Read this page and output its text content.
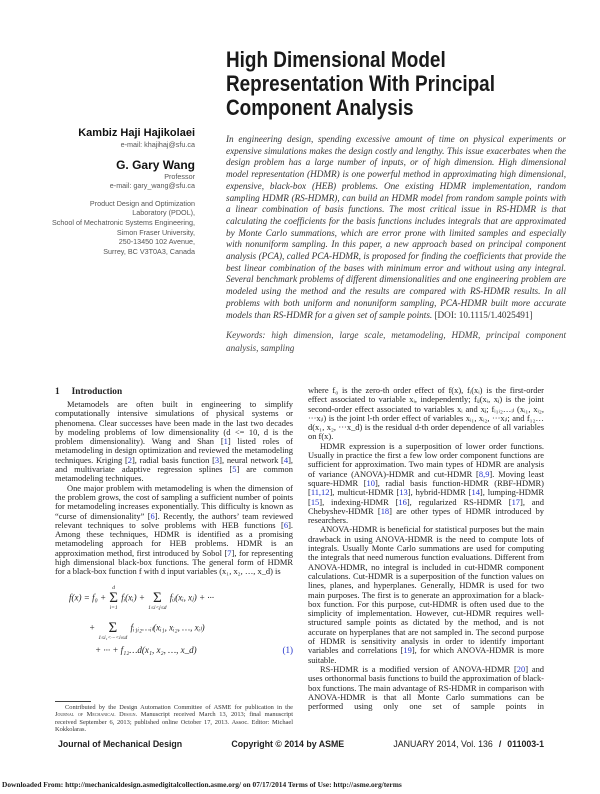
High Dimensional Model
Representation With Principal
Component Analysis
Kambiz Haji Hajikolaei
e-mail: khajihaj@sfu.ca
G. Gary Wang
Professor
e-mail: gary_wang@sfu.ca
Product Design and Optimization
Laboratory (PDOL),
School of Mechatronic Systems Engineering,
Simon Fraser University,
250-13450 102 Avenue,
Surrey, BC V3T0A3, Canada
In engineering design, spending excessive amount of time on physical experiments or expensive simulations makes the design costly and lengthy. This issue exacerbates when the design problem has a large number of inputs, or of high dimension. High dimensional model representation (HDMR) is one powerful method in approximating high dimensional, expensive, black-box (HEB) problems. One existing HDMR implementation, random sampling HDMR (RS-HDMR), can build an HDMR model from random sample points with a linear combination of basis functions. The most critical issue in RS-HDMR is that calculating the coefficients for the basis functions includes integrals that are approximated by Monte Carlo summations, which are error prone with limited samples and especially with nonuniform sampling. In this paper, a new approach based on principal component analysis (PCA), called PCA-HDMR, is proposed for finding the coefficients that provide the best linear combination of the bases with minimum error and without using any integral. Several benchmark problems of different dimensionalities and one engineering problem are modeled using the method and the results are compared with RS-HDMR results. In all problems with both uniform and nonuniform sampling, PCA-HDMR built more accurate models than RS-HDMR for a given set of sample points. [DOI: 10.1115/1.4025491]
Keywords: high dimension, large scale, metamodeling, HDMR, principal component analysis, sampling
1 Introduction

Metamodels are often built in engineering to simplify computationally intensive simulations of physical systems or phenomena. Clear successes have been made in the last two decades by modeling problems of low dimensionality (d <= 10, d is the problem dimensionality). Wang and Shan [1] listed roles of metamodeling in design optimization and reviewed the metamodeling techniques. Kriging [2], radial basis function [3], neural network [4], and multivariate adaptive regression splines [5] are common metamodeling techniques.

One major problem with metamodeling is when the dimension of the problem grows, the cost of sampling a sufficient number of points for metamodeling increases exponentially. This difficulty is known as “curse of dimensionality” [6]. Recently, the authors’ team reviewed relevant techniques to solve problems with HEB functions [6]. Among these techniques, HDMR is identified as a promising metamodeling approach for HEB problems. HDMR is an approximation method, first introduced by Sobol [7], for representing high dimensional black-box functions. The general form of HDMR for a black-box function f with d input variables (x₁, x₂, …, x_d) is

f(x) = f₀ +
d
Σ
i=1
fᵢ(xᵢ) +
Σ
1≤i<j≤d
fᵢⱼ(xᵢ, xⱼ) + ···
+
Σ
1≤i₁<···<iₗ≤d
fᵢ₁ᵢ₂…ᵢₗ(xᵢ₁, xᵢ₂, …, xᵢₗ)
+ ··· + f₁₂…d(x₁, x₂, …, x_d)	(1)
Contributed by the Design Automation Committee of ASME for publication in the Journal of Mechanical Design. Manuscript received March 13, 2013; final manuscript received September 6, 2013; published online October 17, 2013. Assoc. Editor: Michael Kokkolaras.

where f₀ is the zero-th order effect of f(x), fᵢ(xᵢ) is the first-order effect associated to variable xᵢ, independently; fᵢⱼ(xᵢ, xⱼ) is the joint second-order effect associated to variables xᵢ and xⱼ; fᵢ₁ᵢ₂…ᵢₗ (xᵢ₁, xᵢ₂, ···xᵢₗ) is the joint l-th order effect of variables xᵢ₁, xᵢ₂, ···xᵢₗ; and f₁₂…d(x₁, x₂, ···x_d) is the residual d-th order dependence of all variables on f(x).

HDMR expression is a superposition of lower order functions. Usually in practice the first a few low order component functions are sufficient for approximation. Two main types of HDMR are analysis of variance (ANOVA)-HDMR and cut-HDMR [8,9]. Moving least square-HDMR [10], radial basis function-HDMR (RBF-HDMR) [11,12], multicut-HDMR [13], hybrid-HDMR [14], lumping-HDMR [15], indexing-HDMR [16], regularized RS-HDMR [17], and Chebyshev-HDMR [18] are other types of HDMR introduced by researchers.

ANOVA-HDMR is beneficial for statistical purposes but the main drawback in using ANOVA-HDMR is the need to compute lots of integrals. Usually Monte Carlo summations are used for computing the integrals that need numerous function evaluations. Different from ANOVA-HDMR, no integral is included in cut-HDMR component calculations. Cut-HDMR is a superposition of the function values on lines, planes, and hyperplanes. Generally, HDMR is used for two main purposes. The first is to generate an approximation for a black-box function. For this purpose, cut-HDMR is often used due to the simplicity of implementation. However, cut-HDMR requires well-structured sample points as dictated by the method, and is not accurate on hyperplanes that are not sampled in. The second purpose of HDMR is sensitivity analysis in order to identify important variables and correlations [19], for which ANOVA-HDMR is more suitable.

RS-HDMR is a modified version of ANOVA-HDMR [20] and uses orthonormal basis functions to build the approximation of black-box functions. The main advantage of RS-HDMR in comparison with ANOVA-HDMR is that all Monte Carlo summations can be performed using only one set of sample points in

Journal of Mechanical Design	Copyright © 2014 by ASME	JANUARY 2014, Vol. 136 / 011003-1
Downloaded From: http://mechanicaldesign.asmedigitalcollection.asme.org/ on 07/17/2014 Terms of Use: http://asme.org/terms
